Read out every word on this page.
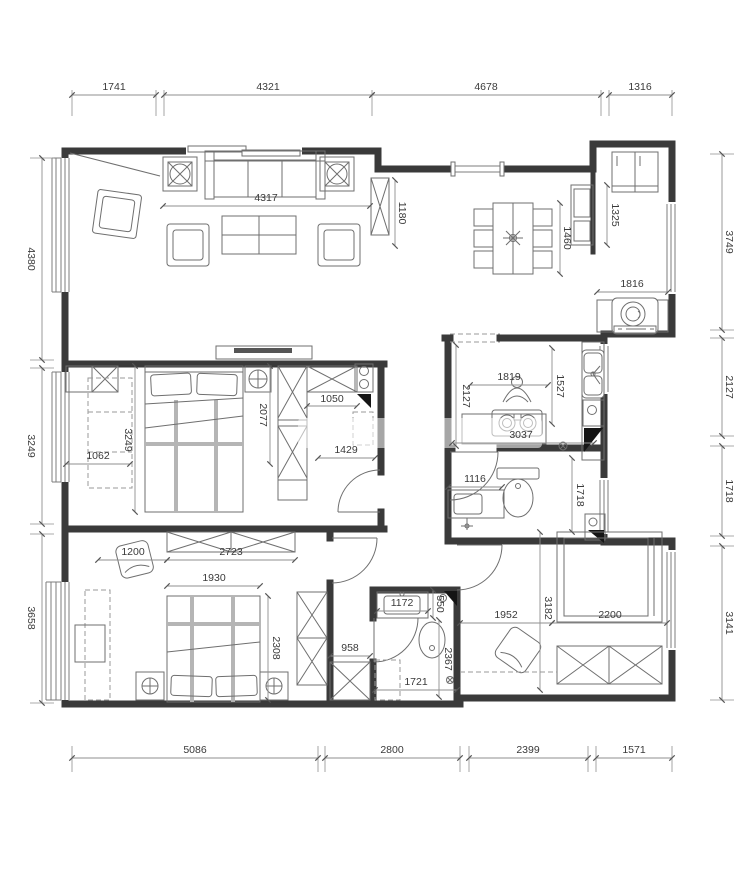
1741	4321	4678	1316
5086	2800	2399	1571
4380
3249
3658
3749
2127
1718
3141
4317
1180
1460
1325
1816
2077
1050
3249
1062	1429
2127
1819	1527
3037
1718
1116
1200	2723
1930
2308	958
1172 550
2367
1721
1952 3182	2200
